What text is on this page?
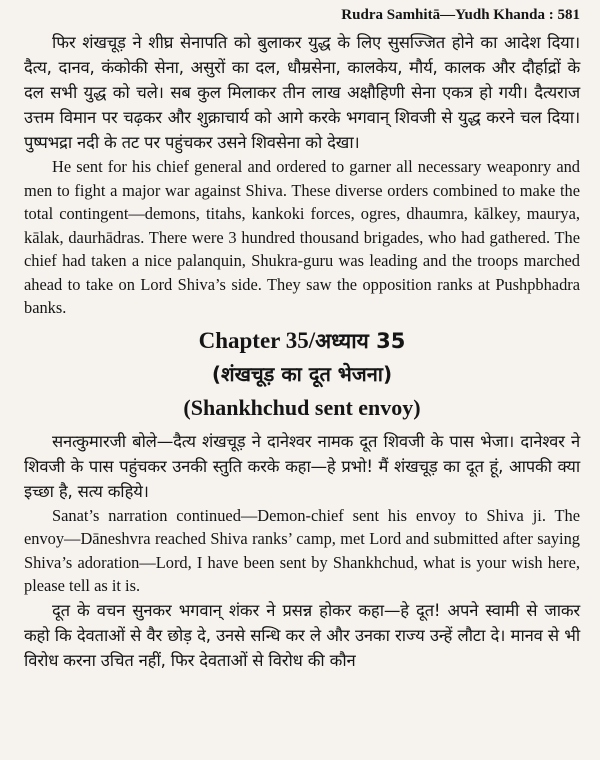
Rudra Samhitā—Yudh Khanda : 581

फिर शंखचूड़ ने शीघ्र सेनापति को बुलाकर युद्ध के लिए सुसज्जित होने का आदेश दिया। दैत्य, दानव, कंकोकी सेना, असुरों का दल, धौम्रसेना, कालकेय, मौर्य, कालक और दौर्हाद्रों के दल सभी युद्ध को चले। सब कुल मिलाकर तीन लाख अक्षौहिणी सेना एकत्र हो गयी। दैत्यराज उत्तम विमान पर चढ़कर और शुक्राचार्य को आगे करके भगवान् शिवजी से युद्ध करने चल दिया। पुष्पभद्रा नदी के तट पर पहुंचकर उसने शिवसेना को देखा।

He sent for his chief general and ordered to garner all necessary weaponry and men to fight a major war against Shiva. These diverse orders combined to make the total contingent—demons, titahs, kankoki forces, ogres, dhaumra, kālkey, maurya, kālak, daurhādras. There were 3 hundred thousand brigades, who had gathered. The chief had taken a nice palanquin, Shukra-guru was leading and the troops marched ahead to take on Lord Shiva’s side. They saw the opposition ranks at Pushpbhadra banks.

Chapter 35/अध्याय 35
(शंखचूड़ का दूत भेजना)
(Shankhchud sent envoy)

सनत्कुमारजी बोले—दैत्य शंखचूड़ ने दानेश्वर नामक दूत शिवजी के पास भेजा। दानेश्वर ने शिवजी के पास पहुंचकर उनकी स्तुति करके कहा—हे प्रभो! मैं शंखचूड़ का दूत हूं, आपकी क्या इच्छा है, सत्य कहिये।

Sanat’s narration continued—Demon-chief sent his envoy to Shiva ji. The envoy—Dāneshvra reached Shiva ranks’ camp, met Lord and submitted after saying Shiva’s adoration—Lord, I have been sent by Shankhchud, what is your wish here, please tell as it is.

दूत के वचन सुनकर भगवान् शंकर ने प्रसन्न होकर कहा—हे दूत! अपने स्वामी से जाकर कहो कि देवताओं से वैर छोड़ दे, उनसे सन्धि कर ले और उनका राज्य उन्हें लौटा दे। मानव से भी विरोध करना उचित नहीं, फिर देवताओं से विरोध की कौन
